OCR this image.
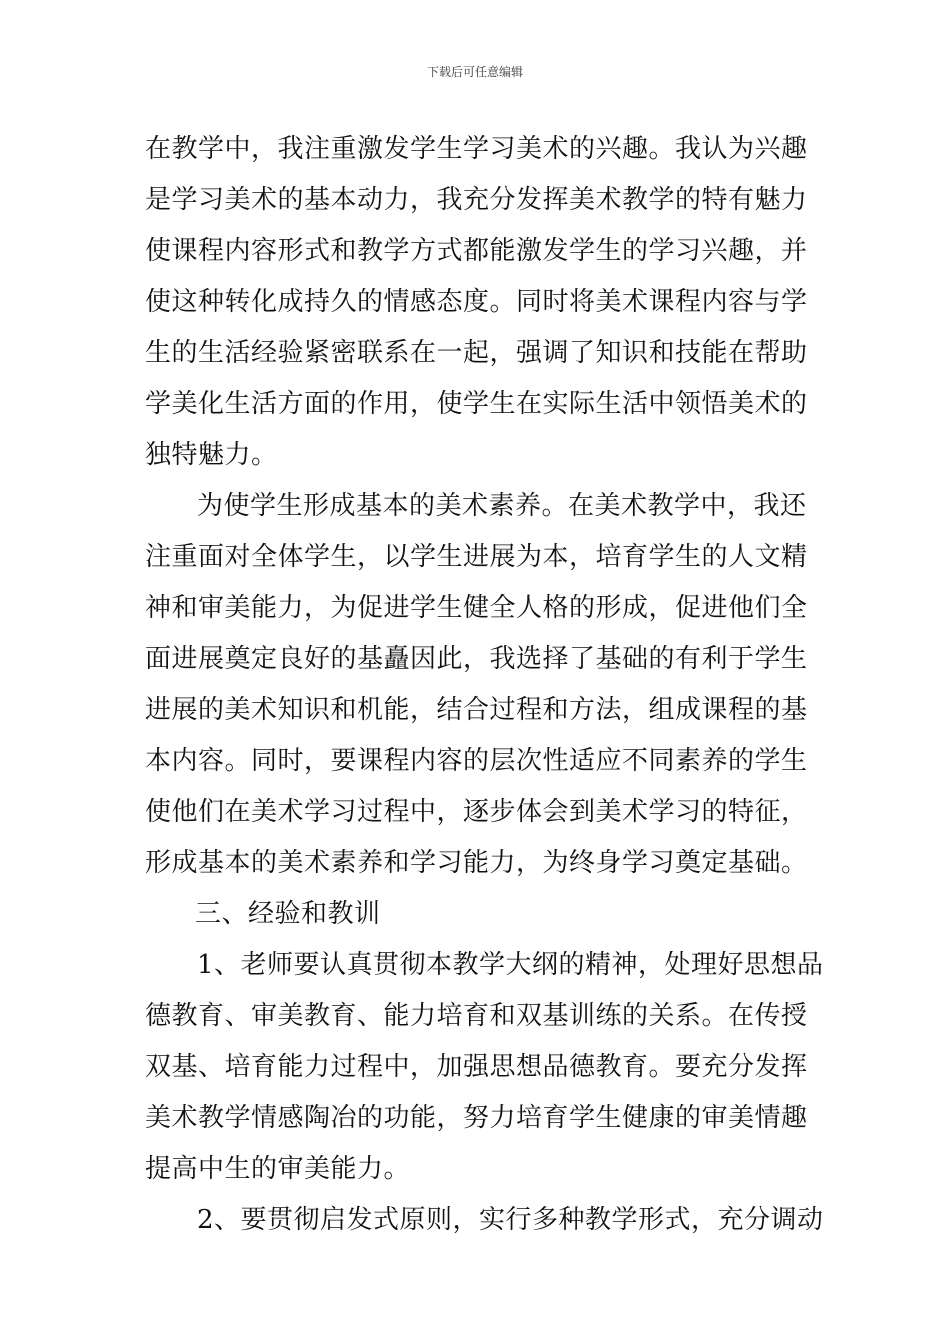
下载后可任意编辑
在教学中，我注重激发学生学习美术的兴趣。我认为兴趣
是学习美术的基本动力，我充分发挥美术教学的特有魅力
使课程内容形式和教学方式都能激发学生的学习兴趣，并
使这种转化成持久的情感态度。同时将美术课程内容与学
生的生活经验紧密联系在一起，强调了知识和技能在帮助
学美化生活方面的作用，使学生在实际生活中领悟美术的
独特魅力。
为使学生形成基本的美术素养。在美术教学中，我还
注重面对全体学生，以学生进展为本，培育学生的人文精
神和审美能力，为促进学生健全人格的形成，促进他们全
面进展奠定良好的基矗因此，我选择了基础的有利于学生
进展的美术知识和机能，结合过程和方法，组成课程的基
本内容。同时，要课程内容的层次性适应不同素养的学生
使他们在美术学习过程中，逐步体会到美术学习的特征，
形成基本的美术素养和学习能力，为终身学习奠定基础。
三、经验和教训
1、老师要认真贯彻本教学大纲的精神，处理好思想品
德教育、审美教育、能力培育和双基训练的关系。在传授
双基、培育能力过程中，加强思想品德教育。要充分发挥
美术教学情感陶冶的功能，努力培育学生健康的审美情趣
提高中生的审美能力。
2、要贯彻启发式原则，实行多种教学形式，充分调动
